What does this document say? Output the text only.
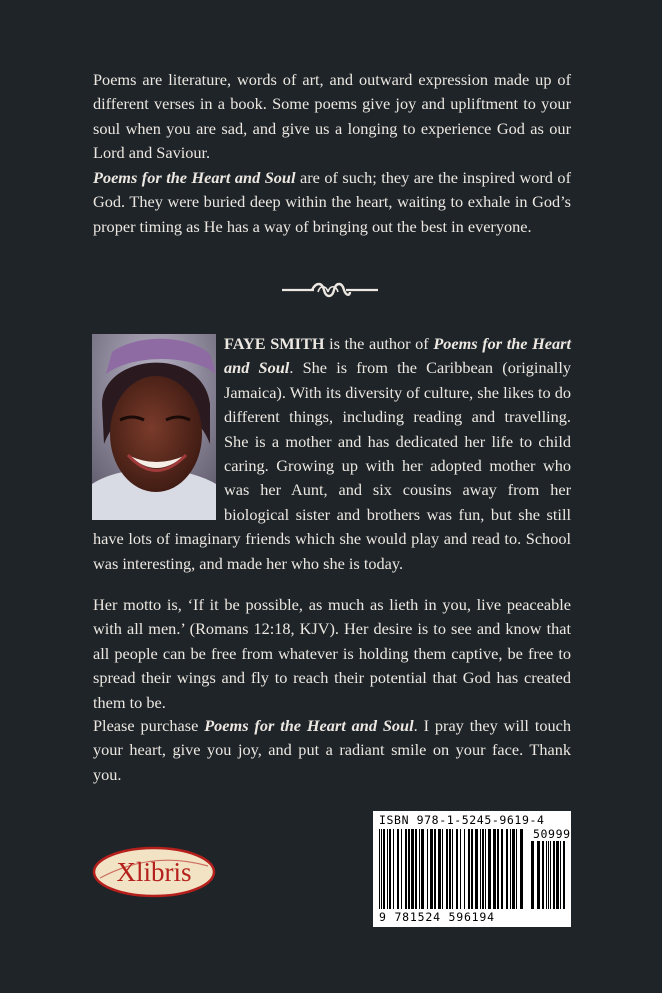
Poems are literature, words of art, and outward expression made up of different verses in a book. Some poems give joy and upliftment to your soul when you are sad, and give us a longing to experience God as our Lord and Saviour.

Poems for the Heart and Soul are of such; they are the inspired word of God. They were buried deep within the heart, waiting to exhale in God’s proper timing as He has a way of bringing out the best in everyone.

FAYE SMITH is the author of Poems for the Heart and Soul. She is from the Caribbean (originally Jamaica). With its diversity of culture, she likes to do different things, including reading and travelling. She is a mother and has dedicated her life to child caring. Growing up with her adopted mother who was her Aunt, and six cousins away from her biological sister and brothers was fun, but she still have lots of imaginary friends which she would play and read to. School was interesting, and made her who she is today.

Her motto is, ‘If it be possible, as much as lieth in you, live peaceable with all men.’ (Romans 12:18, KJV). Her desire is to see and know that all people can be free from whatever is holding them captive, be free to spread their wings and fly to reach their potential that God has created them to be.

Please purchase Poems for the Heart and Soul. I pray they will touch your heart, give you joy, and put a radiant smile on your face. Thank you.

Xlibris
ISBN 978-1-5245-9619-4
50999
9 781524 596194
